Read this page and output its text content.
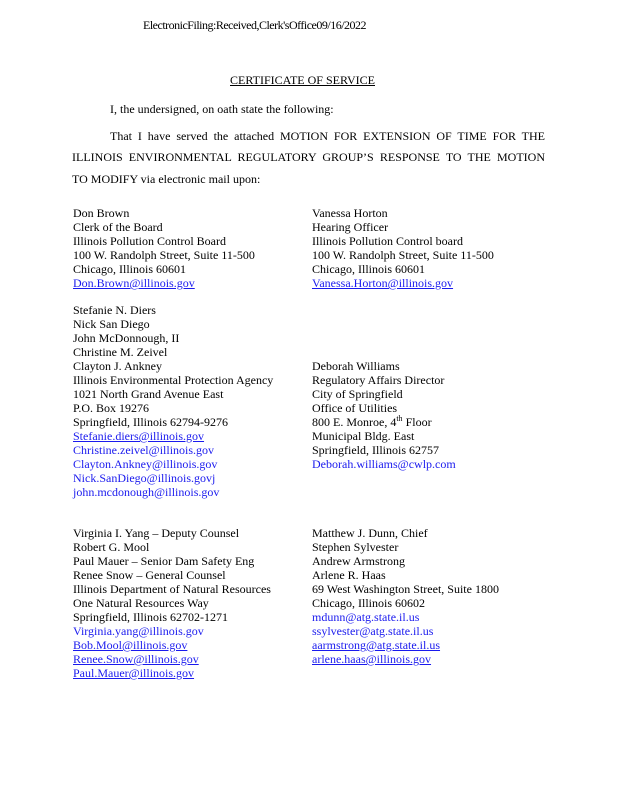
ElectronicFiling:Received,Clerk'sOffice09/16/2022
CERTIFICATE OF SERVICE
I, the undersigned, on oath state the following:
That I have served the attached MOTION FOR EXTENSION OF TIME FOR THE
ILLINOIS ENVIRONMENTAL REGULATORY GROUP’S RESPONSE TO THE MOTION
TO MODIFY via electronic mail upon:
Don Brown
Clerk of the Board
Illinois Pollution Control Board
100 W. Randolph Street, Suite 11-500
Chicago, Illinois 60601
Don.Brown@illinois.gov
Vanessa Horton
Hearing Officer
Illinois Pollution Control board
100 W. Randolph Street, Suite 11-500
Chicago, Illinois 60601
Vanessa.Horton@illinois.gov
Stefanie N. Diers
Nick San Diego
John McDonnough, II
Christine M. Zeivel
Clayton J. Ankney
Illinois Environmental Protection Agency
1021 North Grand Avenue East
P.O. Box 19276
Springfield, Illinois 62794-9276
Stefanie.diers@illinois.gov
Christine.zeivel@illinois.gov
Clayton.Ankney@illinois.gov
Nick.SanDiego@illinois.govj
john.mcdonough@illinois.gov
Deborah Williams
Regulatory Affairs Director
City of Springfield
Office of Utilities
800 E. Monroe, 4th Floor
Municipal Bldg. East
Springfield, Illinois 62757
Deborah.williams@cwlp.com
Virginia I. Yang – Deputy Counsel
Robert G. Mool
Paul Mauer – Senior Dam Safety Eng
Renee Snow – General Counsel
Illinois Department of Natural Resources
One Natural Resources Way
Springfield, Illinois 62702-1271
Virginia.yang@illinois.gov
Bob.Mool@illinois.gov
Renee.Snow@illinois.gov
Paul.Mauer@illinois.gov
Matthew J. Dunn, Chief
Stephen Sylvester
Andrew Armstrong
Arlene R. Haas
69 West Washington Street, Suite 1800
Chicago, Illinois 60602
mdunn@atg.state.il.us
ssylvester@atg.state.il.us
aarmstrong@atg.state.il.us
arlene.haas@illinois.gov
